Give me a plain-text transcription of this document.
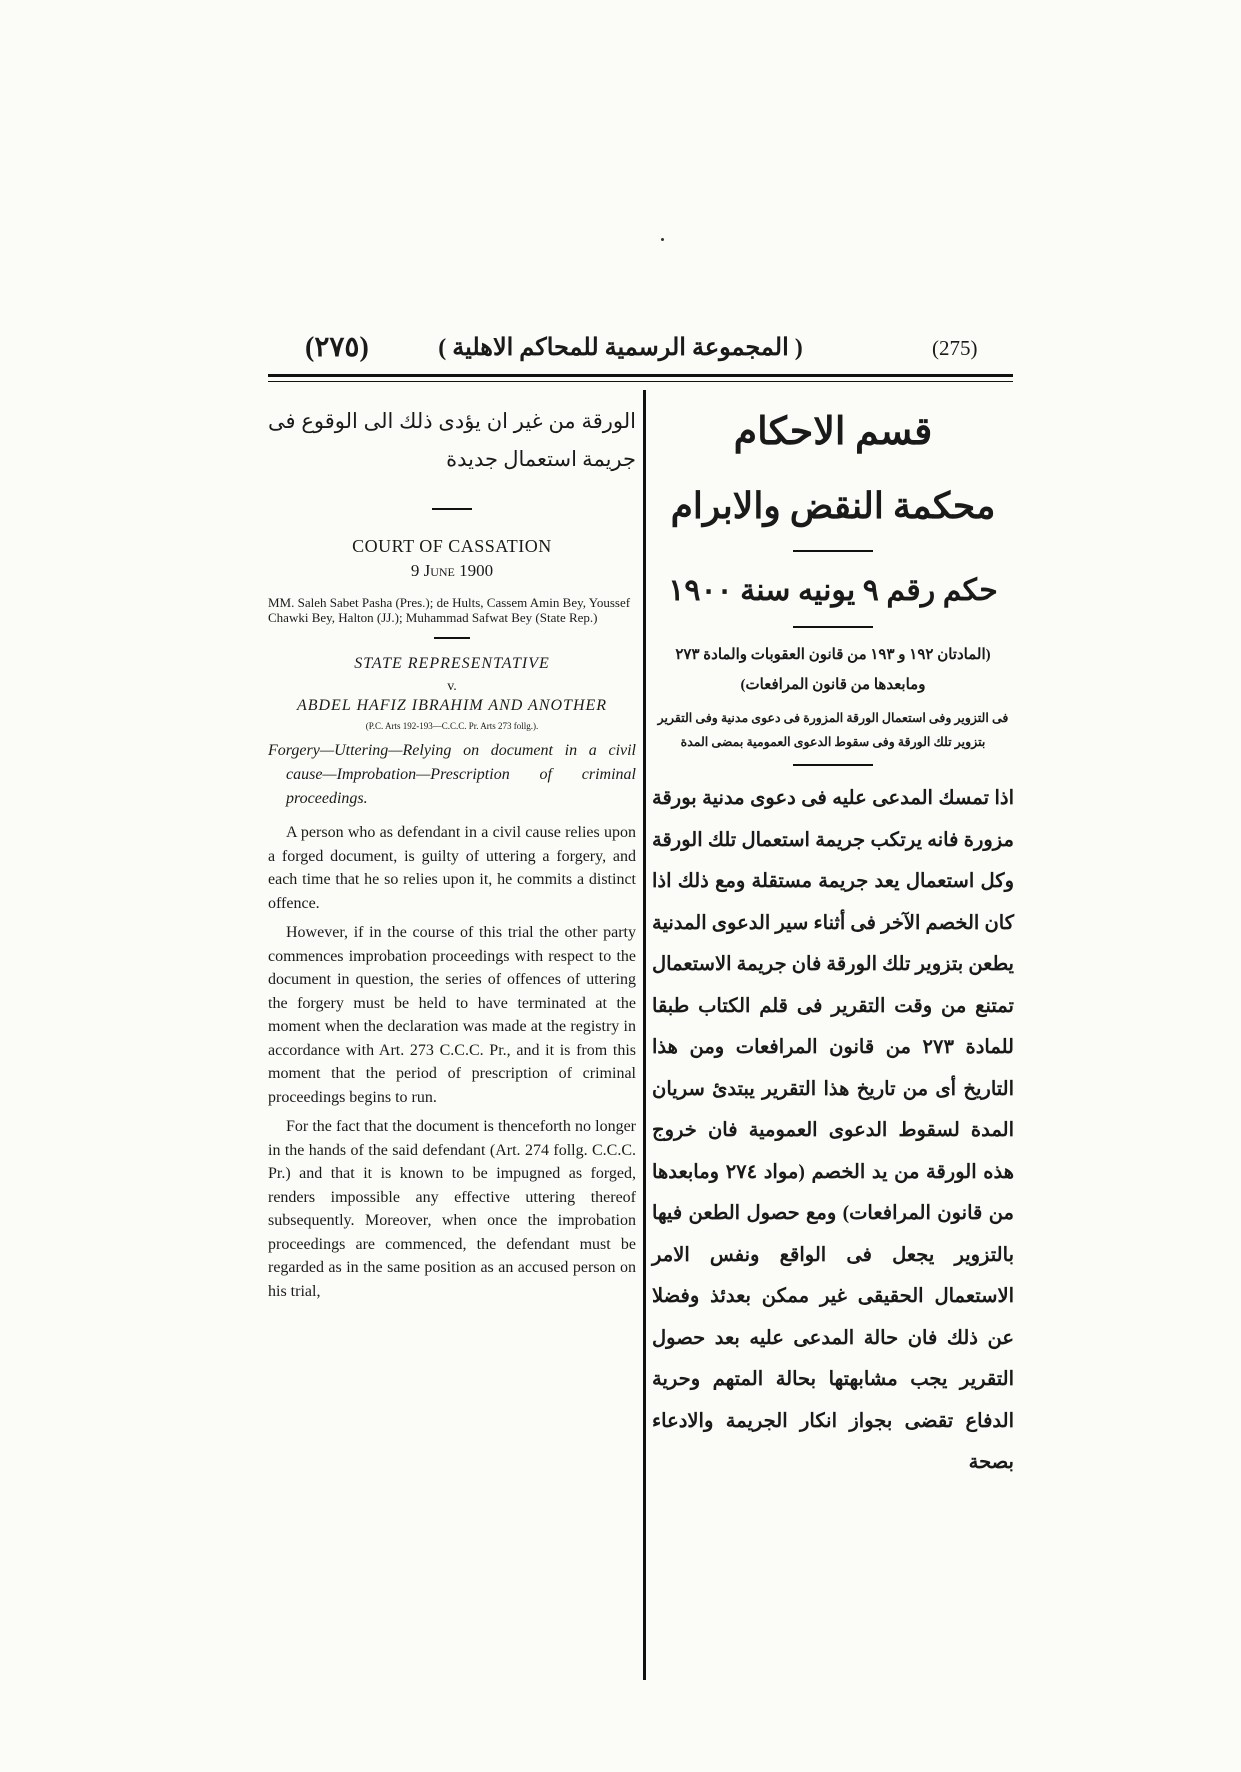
(٢٧٥)	( المجموعة الرسمية للمحاكم الاهلية )	(275)

الورقة من غير ان يؤدى ذلك الى الوقوع فى جريمة استعمال جديدة

COURT OF CASSATION
9 June 1900

MM. Saleh Sabet Pasha (Pres.); de Hults, Cassem Amin Bey, Youssef Chawki Bey, Halton (JJ.); Muhammad Safwat Bey (State Rep.)

STATE REPRESENTATIVE
v.
ABDEL HAFIZ IBRAHIM AND ANOTHER
(P.C. Arts 192-193—C.C.C. Pr. Arts 273 follg.).
Forgery—Uttering—Relying on document in a civil cause—Improbation—Prescription of criminal proceedings.

A person who as defendant in a civil cause relies upon a forged document, is guilty of uttering a forgery, and each time that he so relies upon it, he commits a distinct offence.

However, if in the course of this trial the other party commences improbation proceedings with respect to the document in question, the series of offences of uttering the forgery must be held to have terminated at the moment when the declaration was made at the registry in accordance with Art. 273 C.C.C. Pr., and it is from this moment that the period of prescription of criminal proceedings begins to run.

For the fact that the document is thenceforth no longer in the hands of the said defendant (Art. 274 follg. C.C.C. Pr.) and that it is known to be impugned as forged, renders impossible any effective uttering thereof subsequently. Moreover, when once the improbation proceedings are commenced, the defendant must be regarded as in the same position as an accused person on his trial,

قسم الاحكام
محكمة النقض والابرام
حكم رقم ٩ يونيه سنة ١٩٠٠
(المادتان ١٩٢ و ١٩٣ من قانون العقوبات والمادة ٢٧٣ ومابعدها من قانون المرافعات)
فى التزوير وفى استعمال الورقة المزورة فى دعوى مدنية وفى التقرير بتزوير تلك الورقة وفى سقوط الدعوى العمومية بمضى المدة
اذا تمسك المدعى عليه فى دعوى مدنية بورقة مزورة فانه يرتكب جريمة استعمال تلك الورقة وكل استعمال يعد جريمة مستقلة ومع ذلك اذا كان الخصم الآخر فى أثناء سير الدعوى المدنية يطعن بتزوير تلك الورقة فان جريمة الاستعمال تمتنع من وقت التقرير فى قلم الكتاب طبقا للمادة ٢٧٣ من قانون المرافعات ومن هذا التاريخ أى من تاريخ هذا التقرير يبتدئ سريان المدة لسقوط الدعوى العمومية فان خروج هذه الورقة من يد الخصم (مواد ٢٧٤ ومابعدها من قانون المرافعات) ومع حصول الطعن فيها بالتزوير يجعل فى الواقع ونفس الامر الاستعمال الحقيقى غير ممكن بعدئذ وفضلا عن ذلك فان حالة المدعى عليه بعد حصول التقرير يجب مشابهتها بحالة المتهم وحرية الدفاع تقضى بجواز انكار الجريمة والادعاء بصحة
